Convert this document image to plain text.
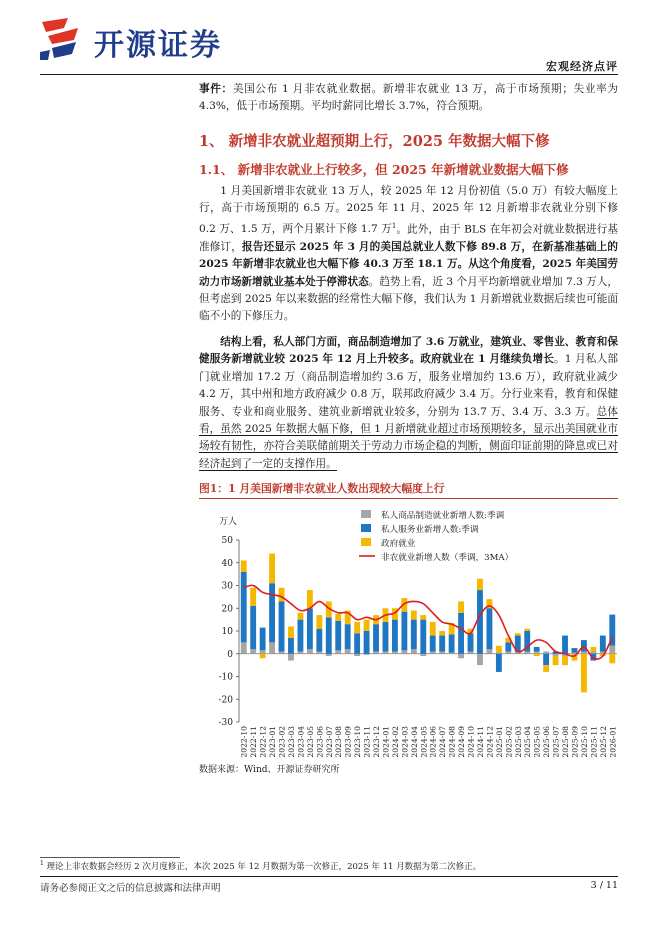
开源证券
宏观经济点评

事件：美国公布 1 月非农就业数据。新增非农就业 13 万，高于市场预期；失业率为 4.3%，低于市场预期。平均时薪同比增长 3.7%，符合预期。

1、 新增非农就业超预期上行，2025 年数据大幅下修
1.1、 新增非农就业上行较多，但 2025 年新增就业数据大幅下修

1 月美国新增非农就业 13 万人，较 2025 年 12 月份初值（5.0 万）有较大幅度上行，高于市场预期的 6.5 万。2025 年 11 月、2025 年 12 月新增非农就业分别下修 0.2 万、1.5 万，两个月累计下修 1.7 万$^1$。此外，由于 BLS 在年初会对就业数据进行基准修订，报告还显示 2025 年 3 月的美国总就业人数下修 89.8 万，在新基准基础上的 2025 年新增非农就业也大幅下修 40.3 万至 18.1 万。从这个角度看，2025 年美国劳动力市场新增就业基本处于停滞状态。趋势上看，近 3 个月平均新增就业增加 7.3 万人，但考虑到 2025 年以来数据的经常性大幅下修，我们认为 1 月新增就业数据后续也可能面临不小的下修压力。

结构上看，私人部门方面，商品制造增加了 3.6 万就业，建筑业、零售业、教育和保健服务新增就业较 2025 年 12 月上升较多。政府就业在 1 月继续负增长。1 月私人部门就业增加 17.2 万（商品制造增加约 3.6 万，服务业增加约 13.6 万），政府就业减少 4.2 万，其中州和地方政府减少 0.8 万，联邦政府减少 3.4 万。分行业来看，教育和保健服务、专业和商业服务、建筑业新增就业较多，分别为 13.7 万、3.4 万、3.3 万。总体看，虽然 2025 年数据大幅下修，但 1 月新增就业超过市场预期较多，显示出美国就业市场较有韧性，亦符合美联储前期关于劳动力市场企稳的判断，侧面印证前期的降息或已对经济起到了一定的支撑作用。

图1：1 月美国新增非农就业人数出现较大幅度上行
万人
-30
-20
-10
0
10
20
30
40
50
2022-10 2022-11 2022-12 2023-01 2023-02 2023-03 2023-04 2023-05 2023-06 2023-07 2023-08 2023-09 2023-10 2023-11 2023-12 2024-01 2024-02 2024-03 2024-04 2024-05 2024-06 2024-07 2024-08 2024-09 2024-10 2024-11 2024-12 2025-01 2025-02 2025-03 2025-04 2025-05 2025-06 2025-07 2025-08 2025-09 2025-10 2025-11 2025-12 2026-01
私人商品制造就业新增人数:季调
私人服务业新增人数:季调
政府就业
非农就业新增人数（季调，3MA）
数据来源：Wind、开源证券研究所
$^1$ 理论上非农数据会经历 2 次月度修正，本次 2025 年 12 月数据为第一次修正，2025 年 11 月数据为第二次修正。
请务必参阅正文之后的信息披露和法律声明	3 / 11
